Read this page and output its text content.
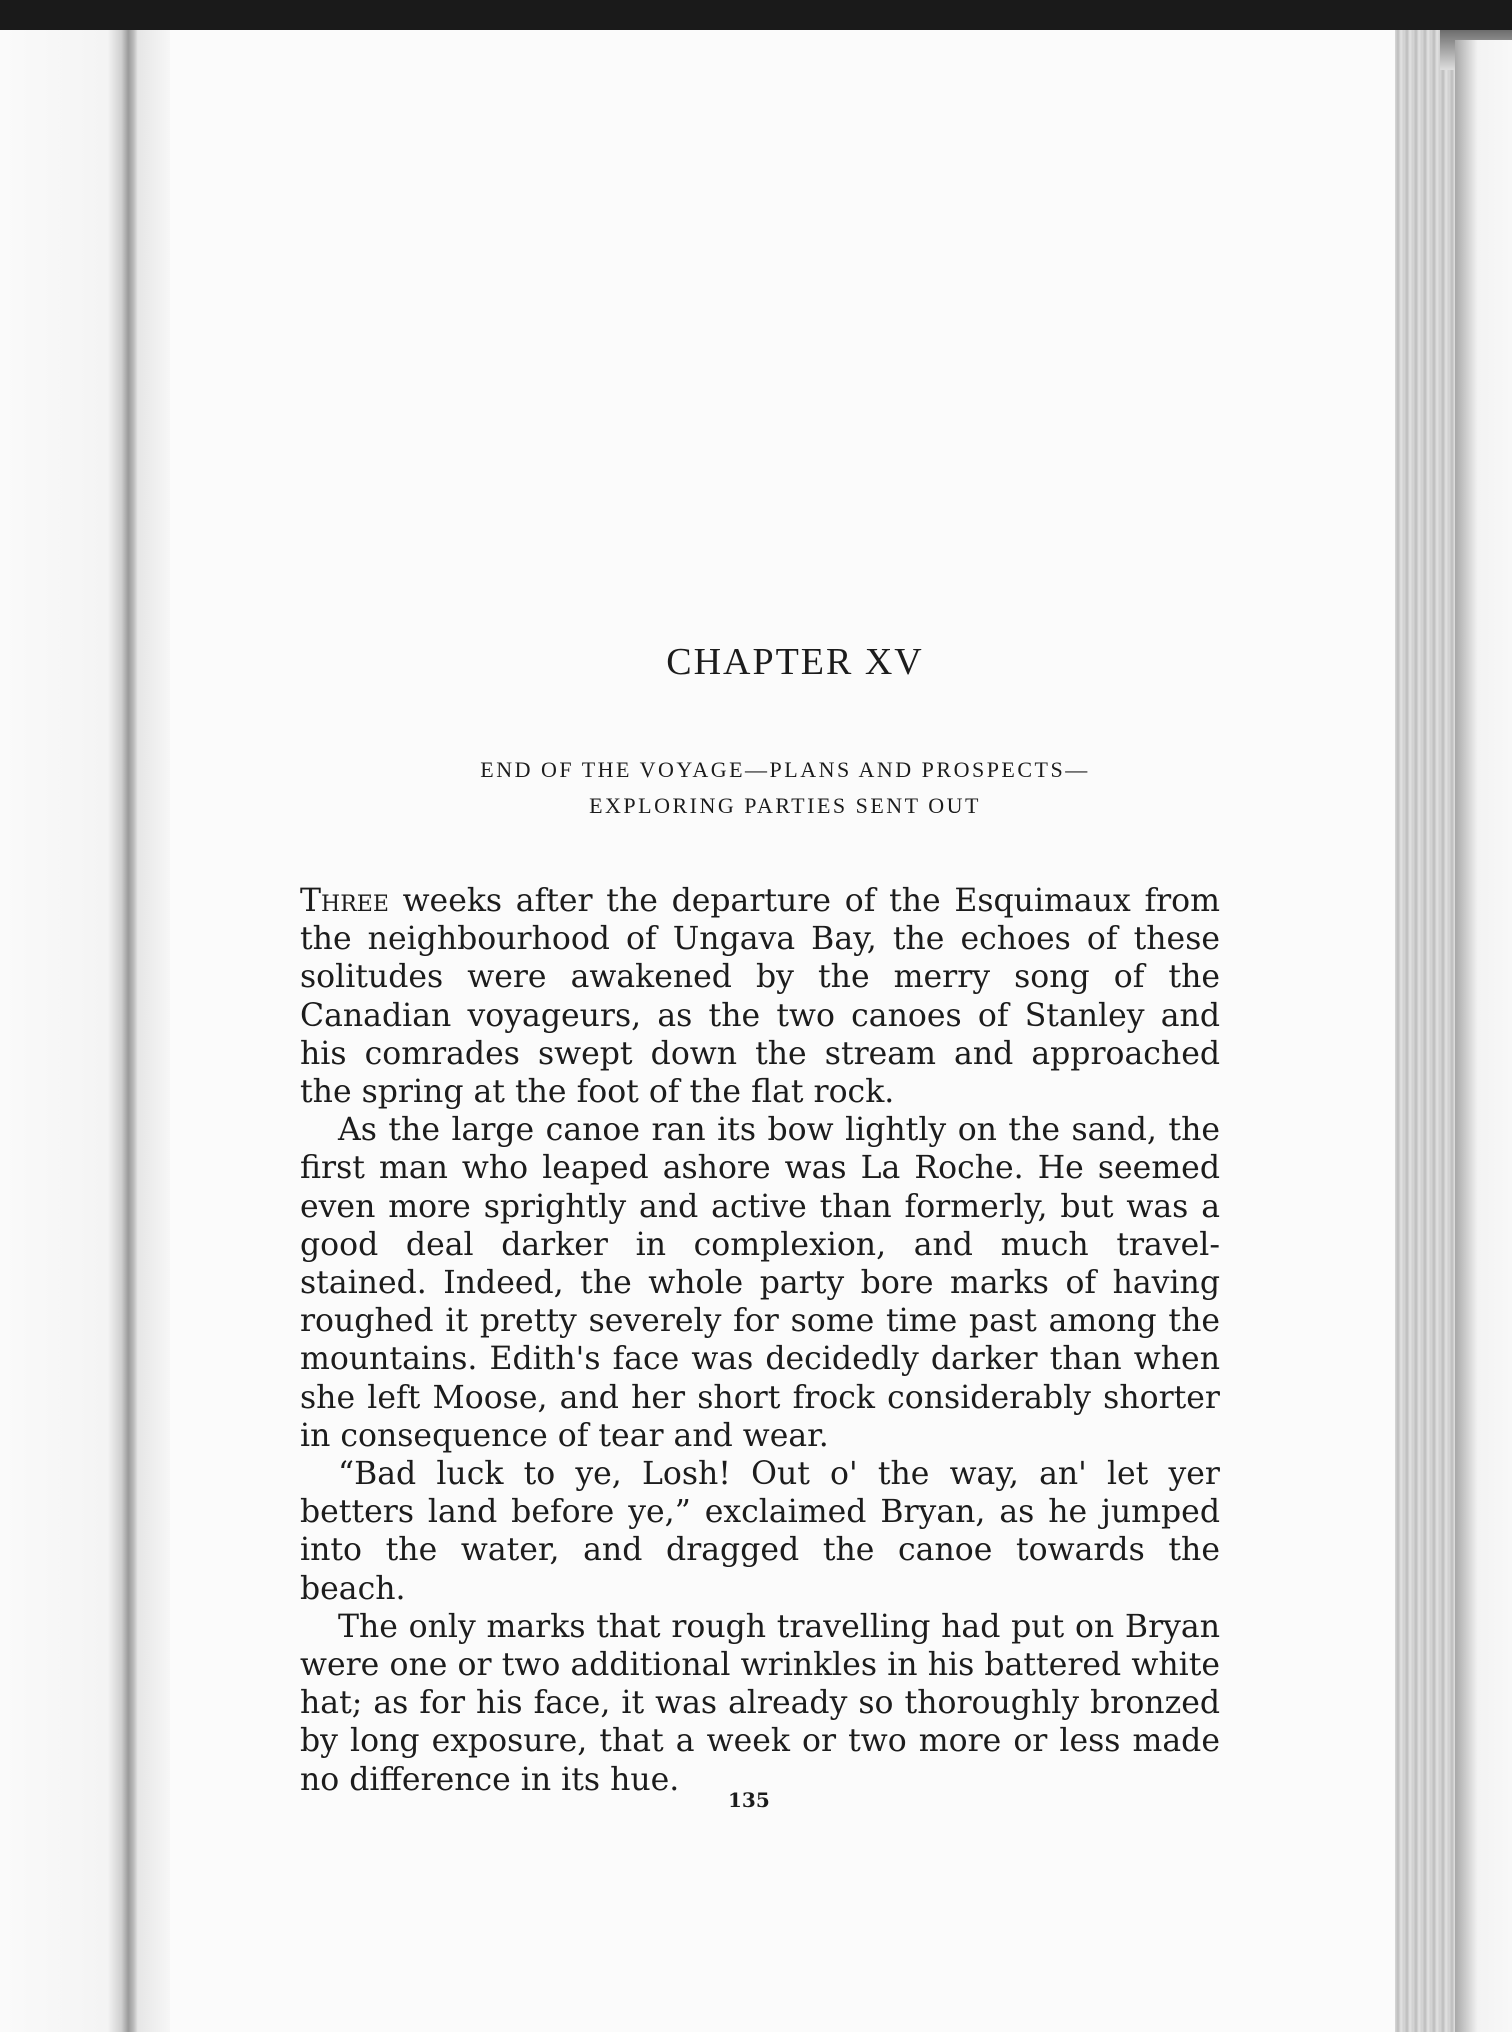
CHAPTER XV
END OF THE VOYAGE—PLANS AND PROSPECTS—
EXPLORING PARTIES SENT OUT

Three weeks after the departure of the Esquimaux from the neighbourhood of Ungava Bay, the echoes of these solitudes were awakened by the merry song of the Canadian voyageurs, as the two canoes of Stanley and his comrades swept down the stream and approached the spring at the foot of the flat rock.

As the large canoe ran its bow lightly on the sand, the first man who leaped ashore was La Roche. He seemed even more sprightly and active than formerly, but was a good deal darker in complexion, and much travel-stained. Indeed, the whole party bore marks of having roughed it pretty severely for some time past among the mountains. Edith's face was decidedly darker than when she left Moose, and her short frock considerably shorter in consequence of tear and wear.

“Bad luck to ye, Losh! Out o' the way, an' let yer betters land before ye,” exclaimed Bryan, as he jumped into the water, and dragged the canoe towards the beach.

The only marks that rough travelling had put on Bryan were one or two additional wrinkles in his battered white hat; as for his face, it was already so thoroughly bronzed by long exposure, that a week or two more or less made no difference in its hue.

135
